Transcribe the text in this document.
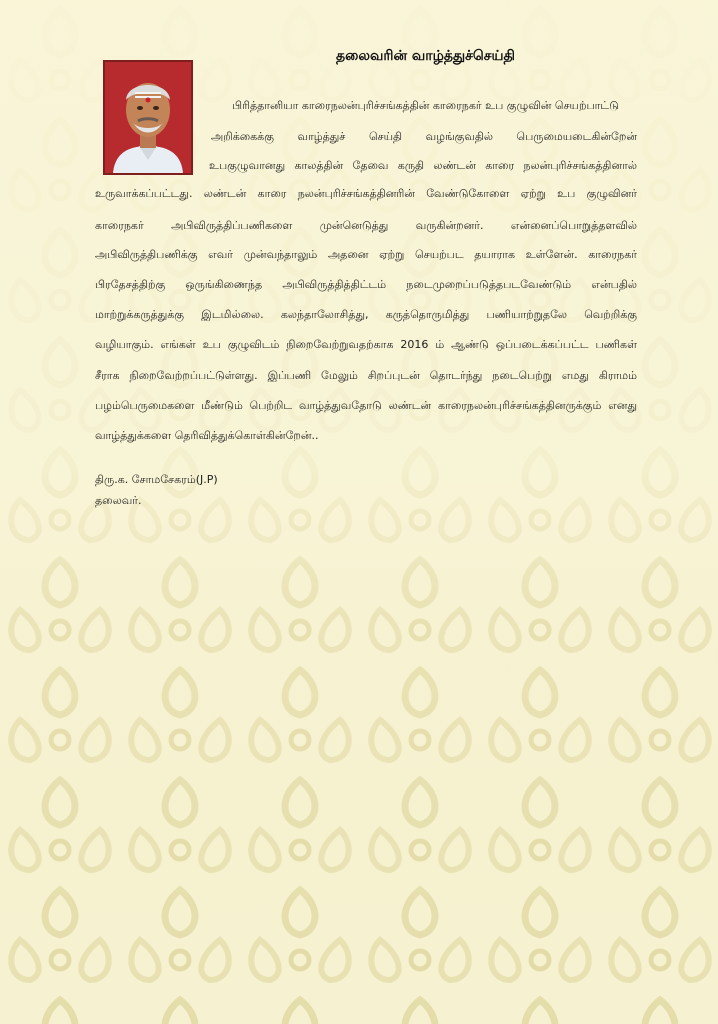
தலைவரின் வாழ்த்துச்செய்தி
பிரித்தானியா காரைநலன்புரிச்சங்கத்தின் காரைநகர் உப குழுவின் செயற்பாட்டு
அறிக்கைக்கு வாழ்த்துச் செய்தி வழங்குவதில் பெருமையடைகின்றேன்
உபகுழுவானது காலத்தின் தேவை கருதி லண்டன் காரை நலன்புரிச்சங்கத்தினால்
உருவாக்கப்பட்டது. லண்டன் காரை நலன்புரிச்சங்கத்தினரின் வேண்டுகோளை ஏற்று உப குழுவினர்
காரைநகர் அபிவிருத்திப்பணிகளை முன்னெடுத்து வருகின்றனர். என்னைப்பொறுத்தளவில்
அபிவிருத்திபணிக்கு எவர் முன்வந்தாலும் அதனை ஏற்று செயற்பட தயாராக உள்ளேன். காரைநகர்
பிரதேசத்திற்கு ஒருங்கிணைந்த அபிவிருத்தித்திட்டம் நடைமுறைப்படுத்தபடவேண்டும் என்பதில்
மாற்றுக்கருத்துக்கு இடமில்லை. கலந்தாலோசித்து, கருத்தொருமித்து பணியாற்றுதலே வெற்றிக்கு
வழியாகும். எங்கள் உப குழுவிடம் நிறைவேற்றுவதற்காக 2016 ம் ஆண்டு ஒப்படைக்கப்பட்ட பணிகள்
சீராக நிறைவேற்றப்பட்டுள்ளது. இப்பணி மேலும் சிறப்புடன் தொடர்ந்து நடைபெற்று எமது கிராமம்
பழம்பெருமைகளை மீண்டும் பெற்றிட வாழ்த்துவதோடு லண்டன் காரைநலன்புரிச்சங்கத்தினருக்கும் எனது
வாழ்த்துக்களை தெரிவித்துக்கொள்கின்றேன்..
திரு.க. சோமசேகரம்(J.P)
தலைவர்.
